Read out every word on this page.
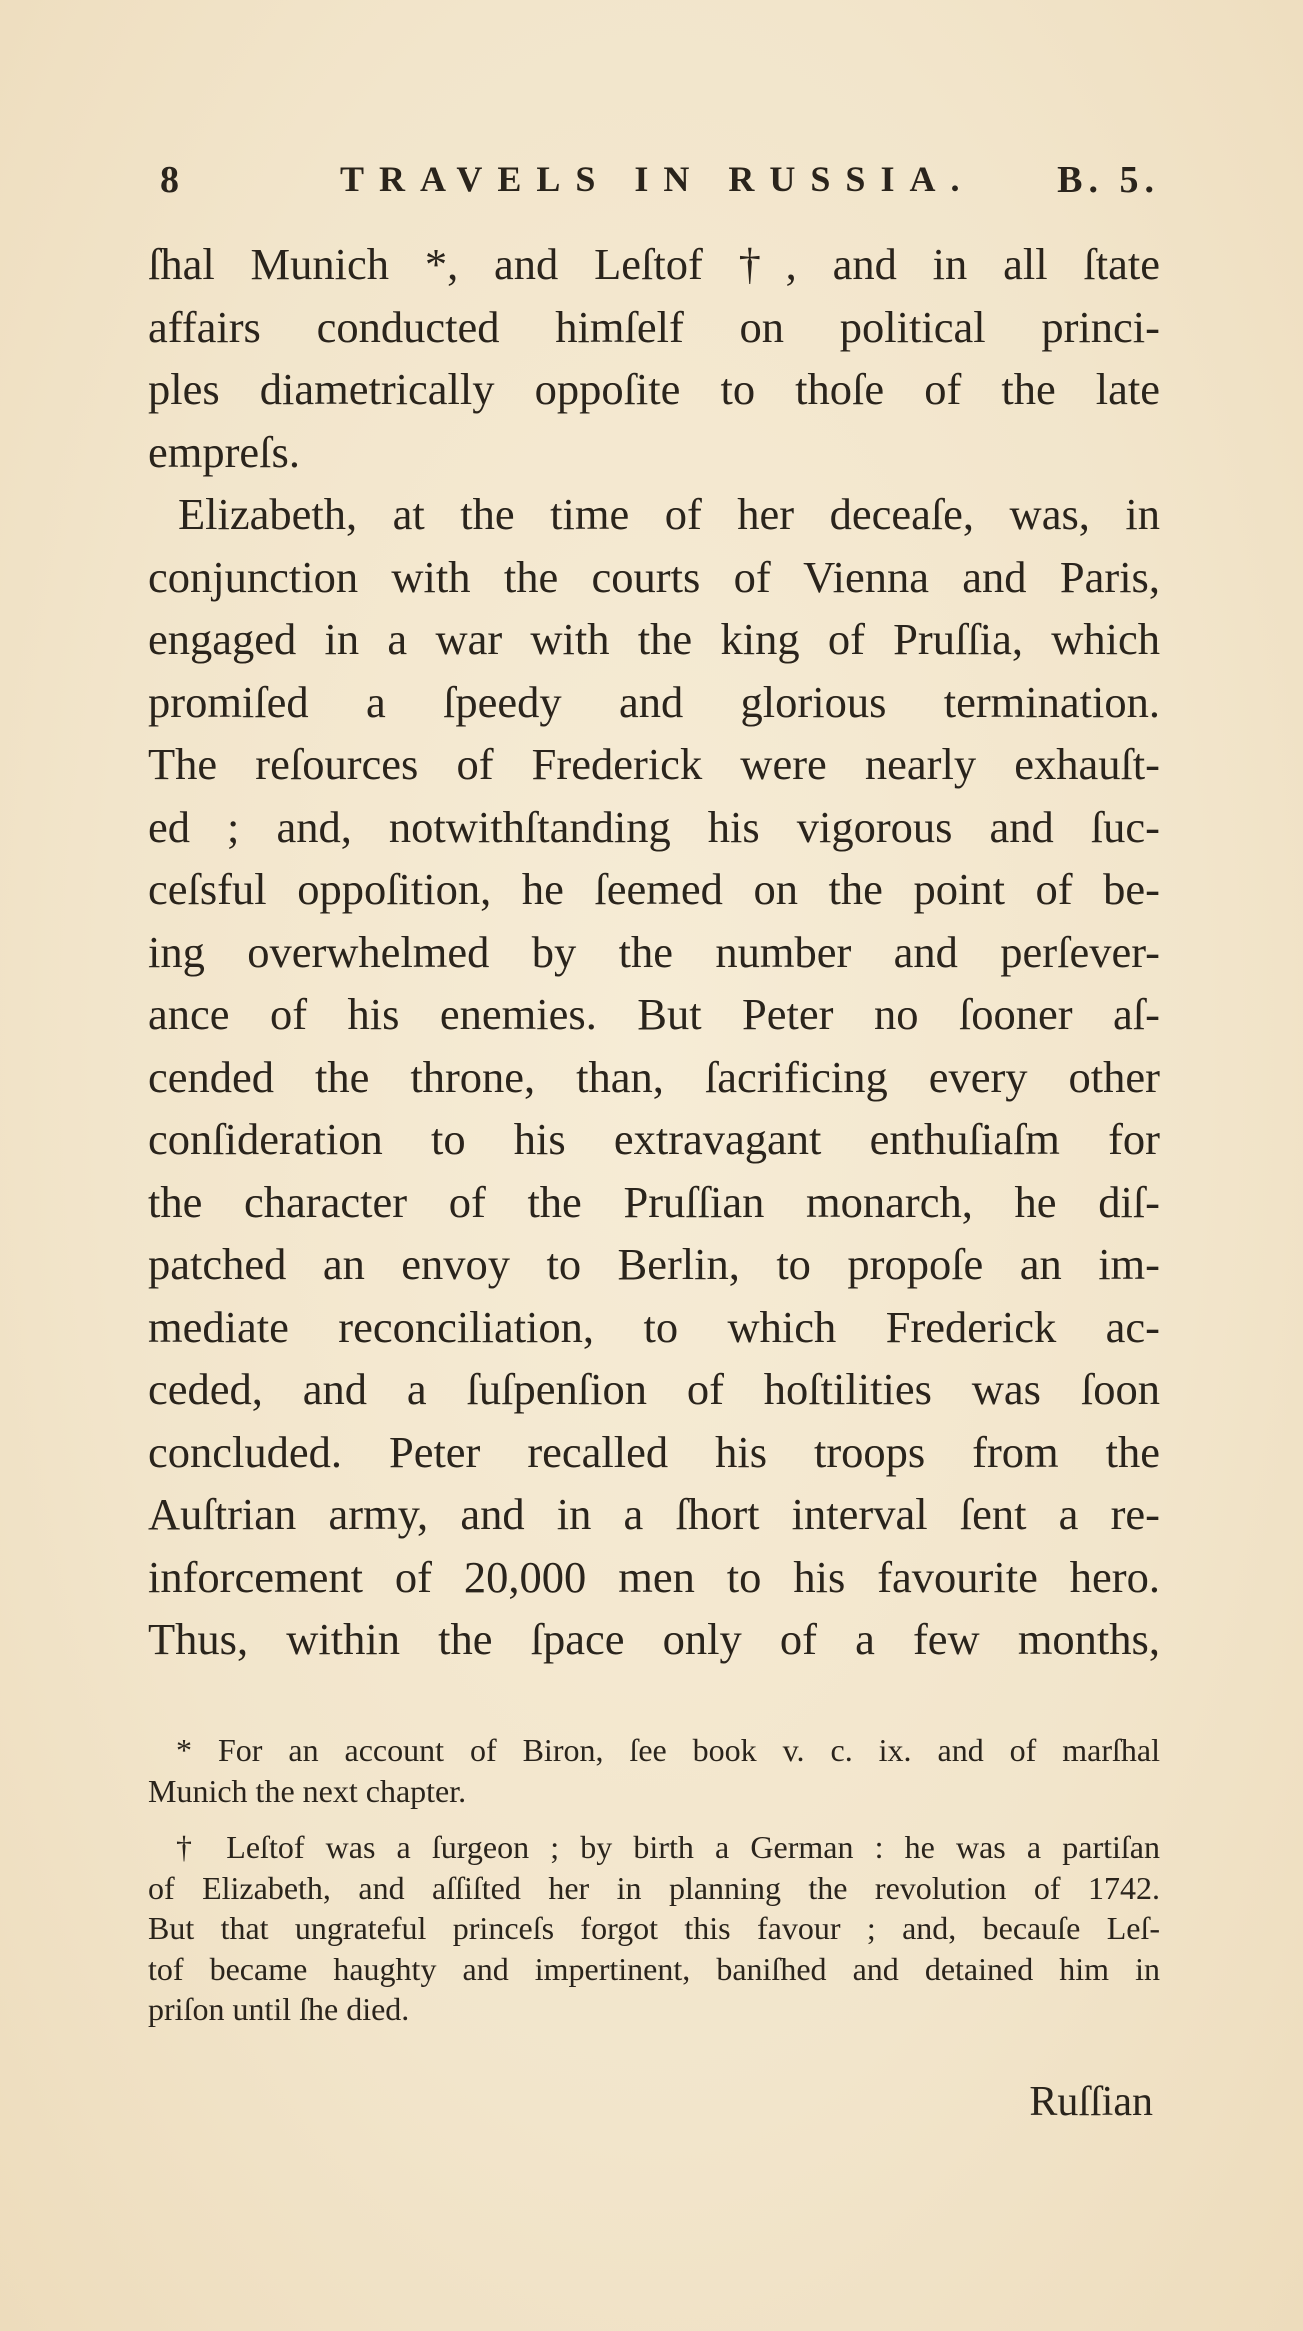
8	TRAVELS IN RUSSIA. B. 5.
ſhal Munich *, and Leſtof †, and in all ſtate
affairs conducted himſelf on political princi-
ples diametrically oppoſite to thoſe of the late
empreſs.
Elizabeth, at the time of her deceaſe, was, in
conjunction with the courts of Vienna and Paris,
engaged in a war with the king of Pruſſia, which
promiſed a ſpeedy and glorious termination.
The reſources of Frederick were nearly exhauſt-
ed ; and, notwithſtanding his vigorous and ſuc-
ceſsful oppoſition, he ſeemed on the point of be-
ing overwhelmed by the number and perſever-
ance of his enemies. But Peter no ſooner aſ-
cended the throne, than, ſacrificing every other
conſideration to his extravagant enthuſiaſm for
the character of the Pruſſian monarch, he diſ-
patched an envoy to Berlin, to propoſe an im-
mediate reconciliation, to which Frederick ac-
ceded, and a ſuſpenſion of hoſtilities was ſoon
concluded. Peter recalled his troops from the
Auſtrian army, and in a ſhort interval ſent a re-
inforcement of 20,000 men to his favourite hero.
Thus, within the ſpace only of a few months,
* For an account of Biron, ſee book v. c. ix. and of marſhal
Munich the next chapter.
† Leſtof was a ſurgeon ; by birth a German : he was a partiſan
of Elizabeth, and aſſiſted her in planning the revolution of 1742.
But that ungrateful princeſs forgot this favour ; and, becauſe Leſ-
tof became haughty and impertinent, baniſhed and detained him in
priſon until ſhe died.
Ruſſian
